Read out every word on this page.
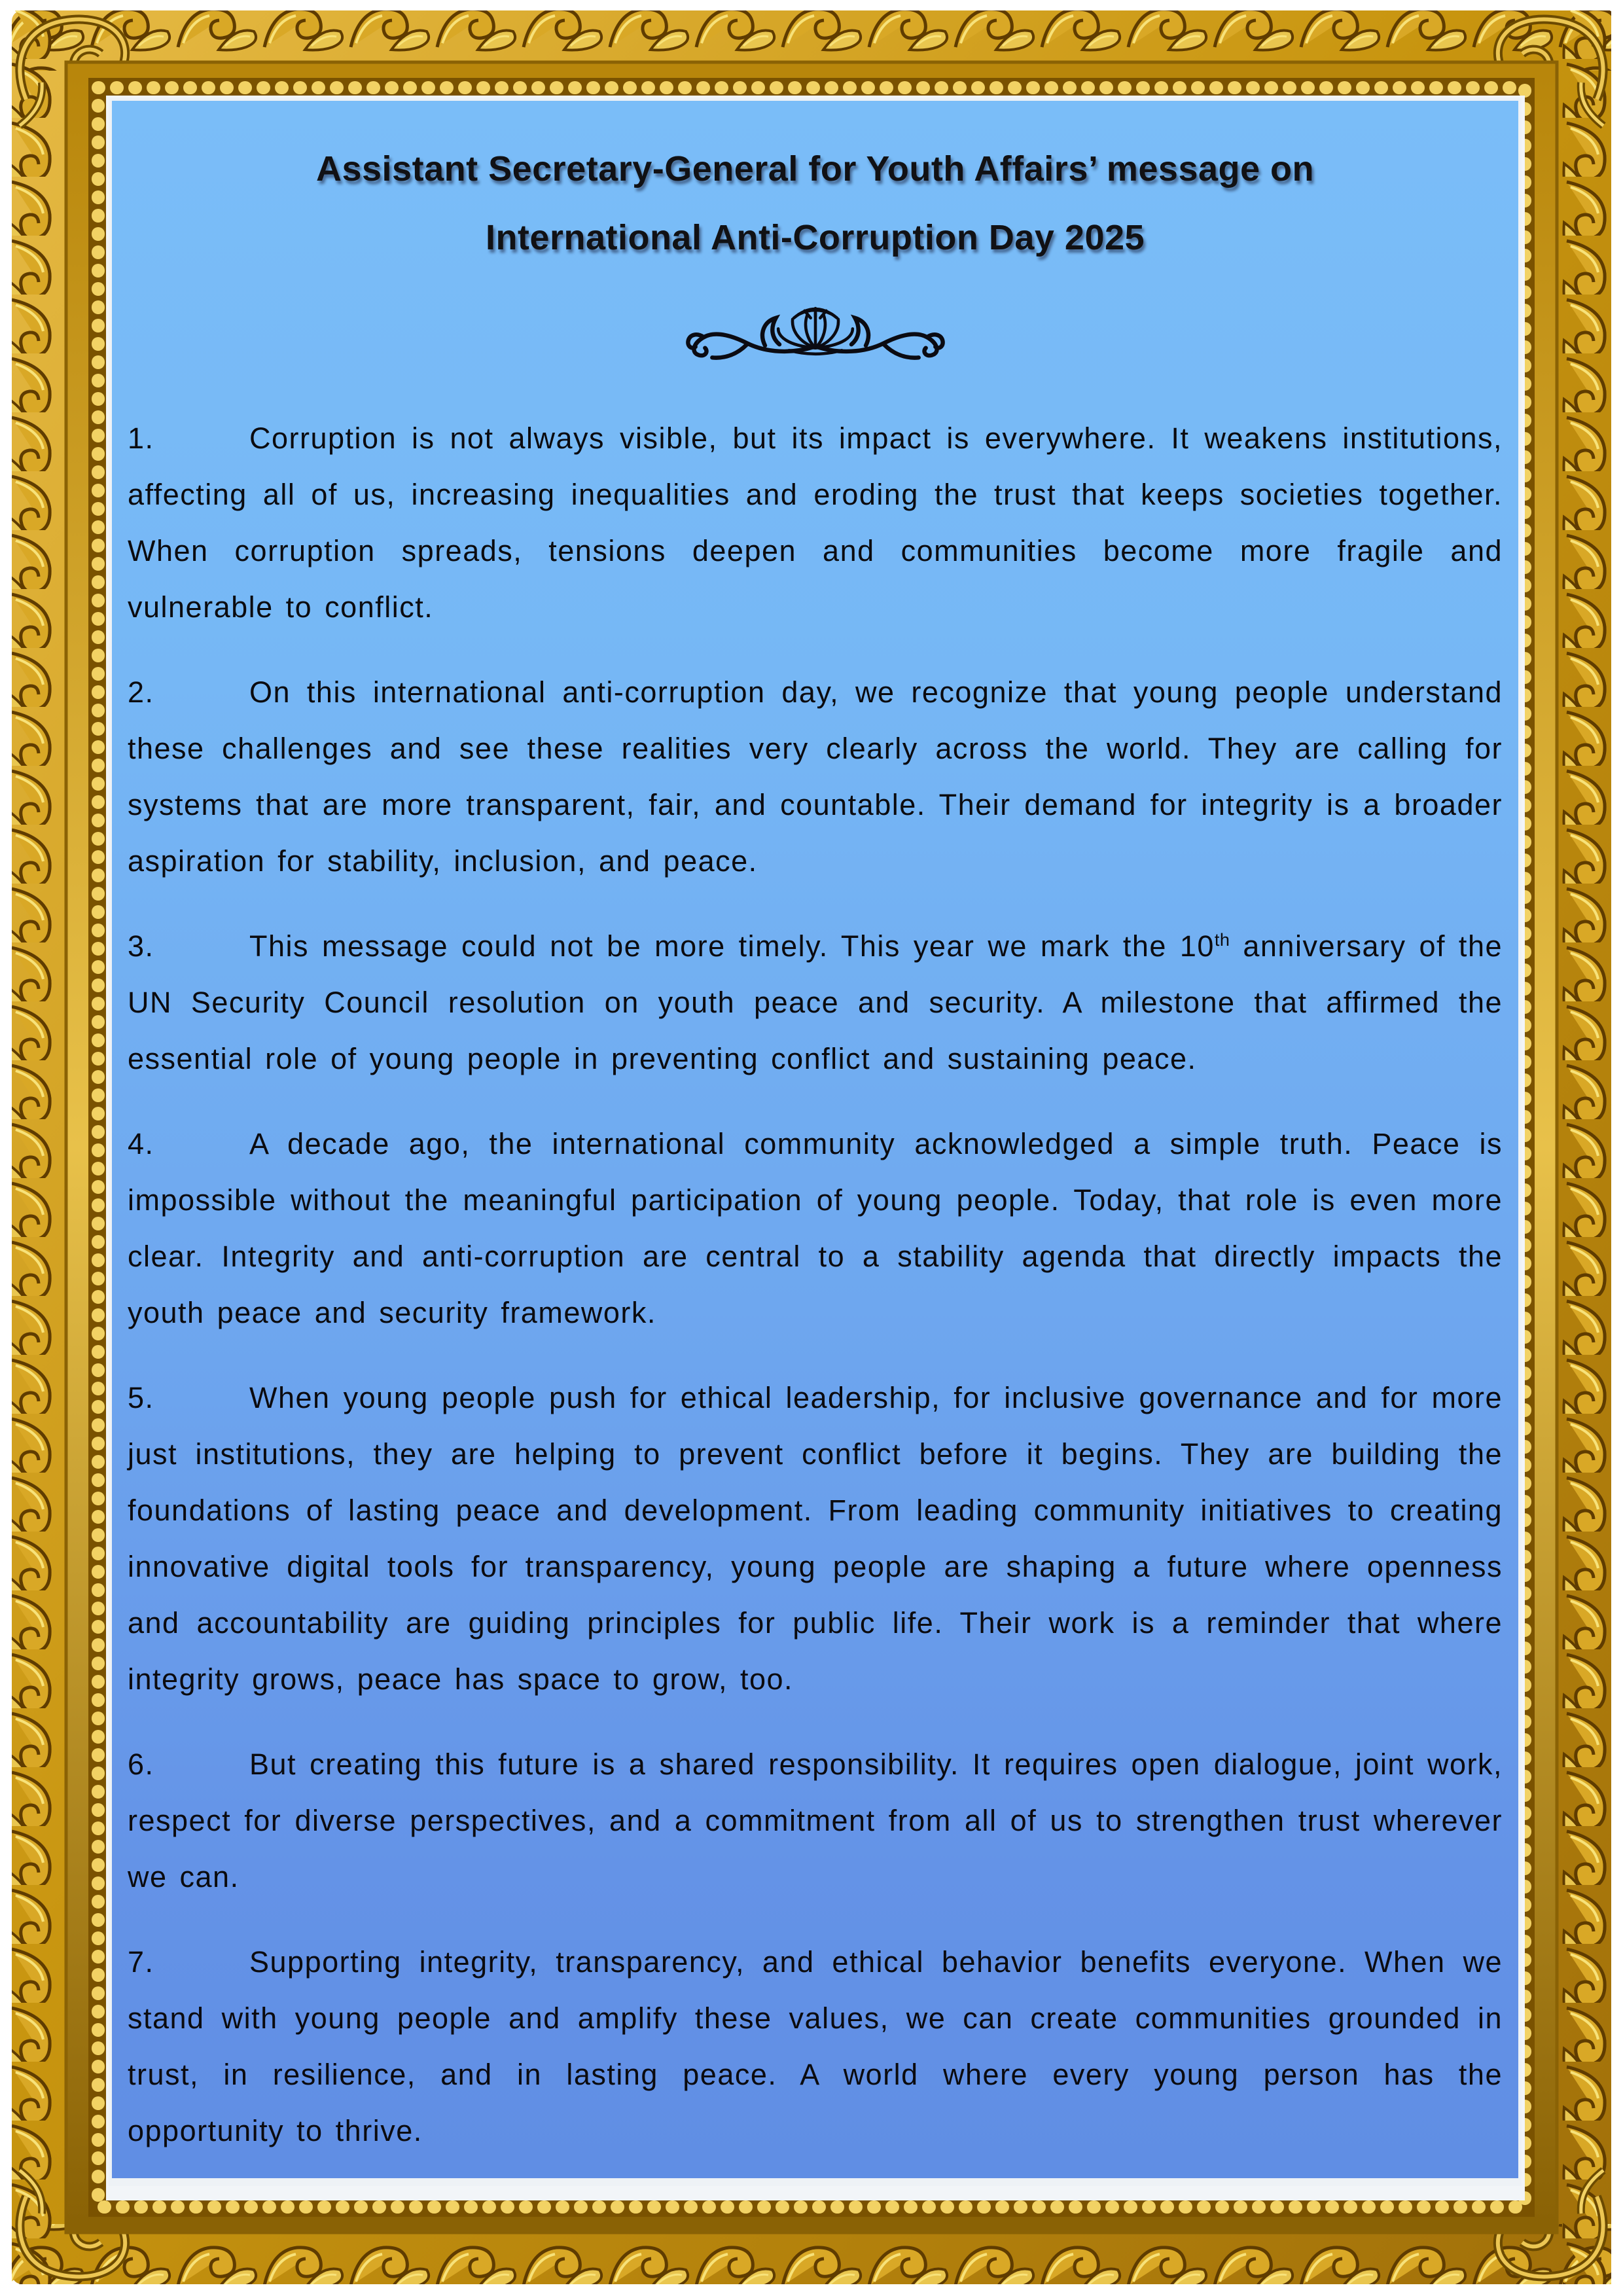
Assistant Secretary-General for Youth Affairs’ message on
International Anti-Corruption Day 2025

1.	Corruption is not always visible, but its impact is everywhere. It weakens institutions, affecting all of us, increasing inequalities and eroding the trust that keeps societies together. When corruption spreads, tensions deepen and communities become more fragile and vulnerable to conflict.

2.	On this international anti-corruption day, we recognize that young people understand these challenges and see these realities very clearly across the world. They are calling for systems that are more transparent, fair, and countable. Their demand for integrity is a broader aspiration for stability, inclusion, and peace.

3.	This message could not be more timely. This year we mark the 10th anniversary of the UN Security Council resolution on youth peace and security. A milestone that affirmed the essential role of young people in preventing conflict and sustaining peace.

4.	A decade ago, the international community acknowledged a simple truth. Peace is impossible without the meaningful participation of young people. Today, that role is even more clear. Integrity and anti-corruption are central to a stability agenda that directly impacts the youth peace and security framework.

5.	When young people push for ethical leadership, for inclusive governance and for more just institutions, they are helping to prevent conflict before it begins. They are building the foundations of lasting peace and development. From leading community initiatives to creating innovative digital tools for transparency, young people are shaping a future where openness and accountability are guiding principles for public life. Their work is a reminder that where integrity grows, peace has space to grow, too.

6.	But creating this future is a shared responsibility. It requires open dialogue, joint work, respect for diverse perspectives, and a commitment from all of us to strengthen trust wherever we can.

7.	Supporting integrity, transparency, and ethical behavior benefits everyone. When we stand with young people and amplify these values, we can create communities grounded in trust, in resilience, and in lasting peace. A world where every young person has the opportunity to thrive.
